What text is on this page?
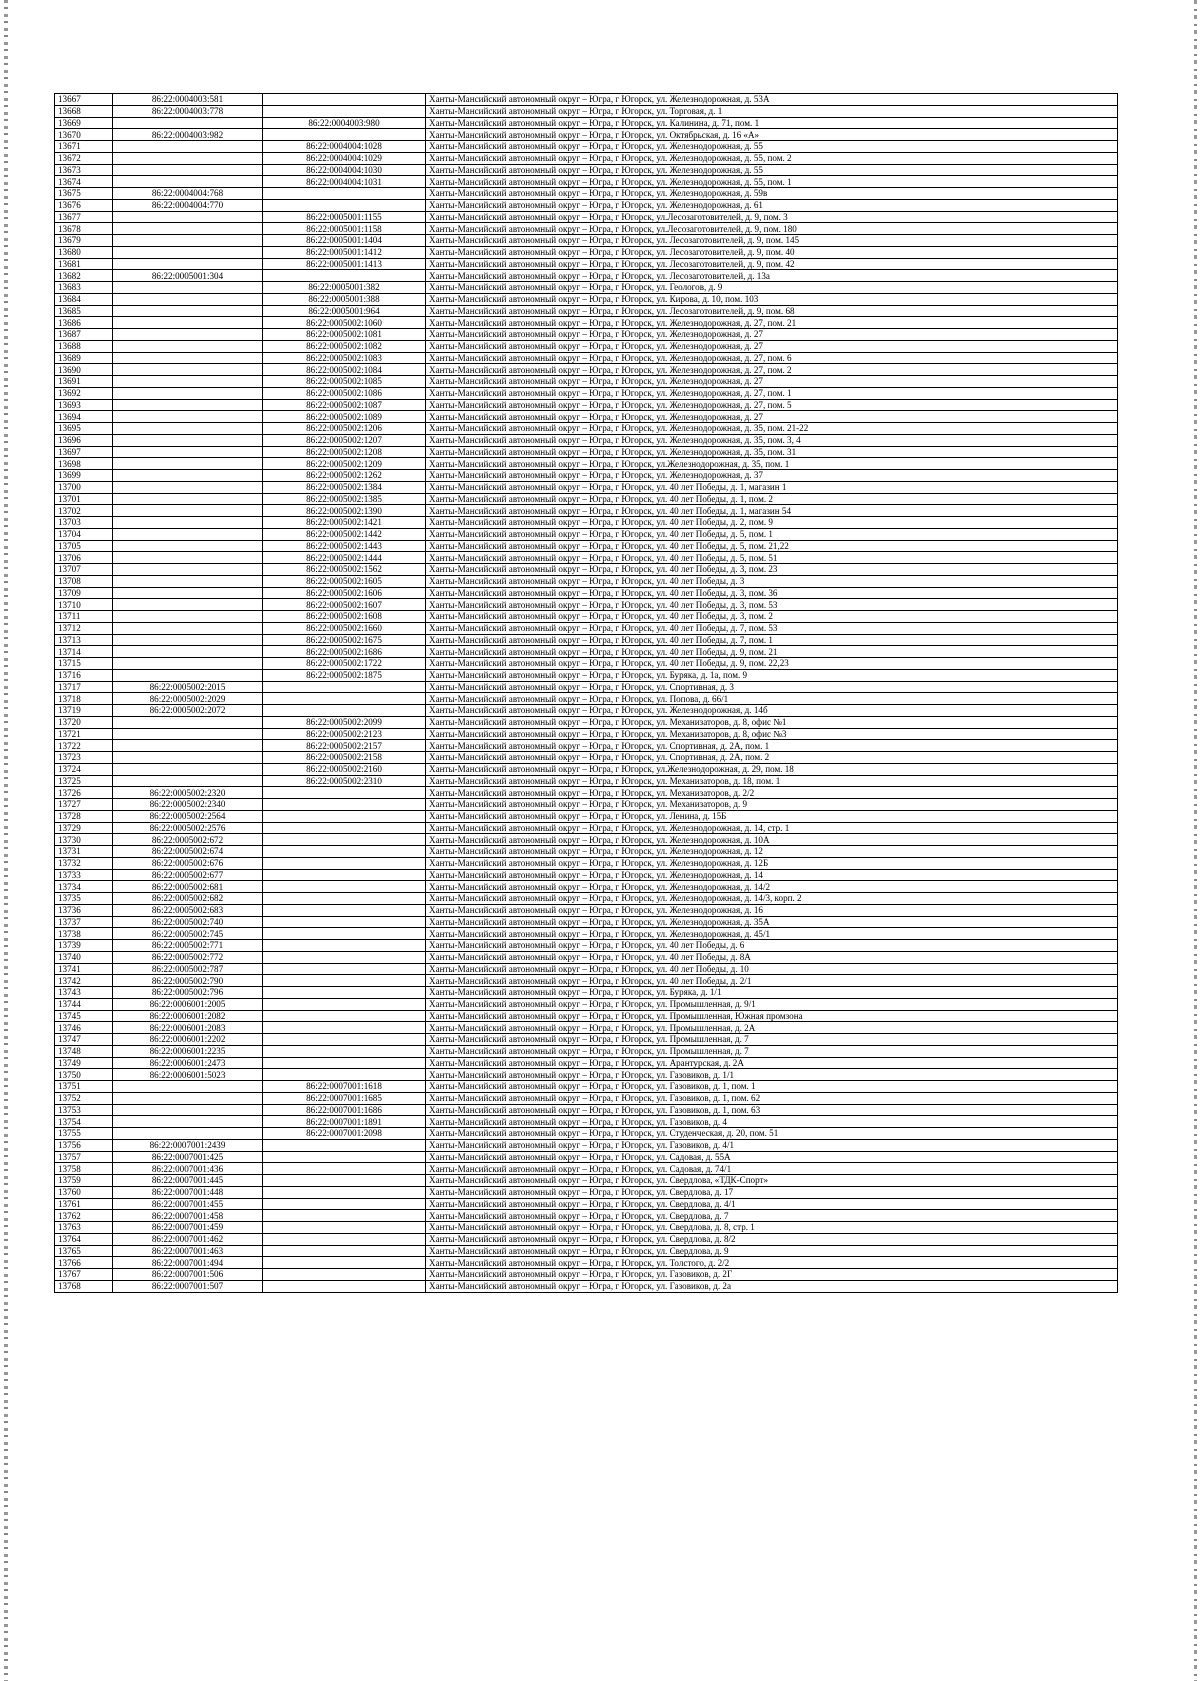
13667	86:22:0004003:581		Ханты-Мансийский автономный округ – Югра, г Югорск, ул. Железнодорожная, д. 53А
13668	86:22:0004003:778		Ханты-Мансийский автономный округ – Югра, г Югорск, ул. Торговая, д. 1
13669		86:22:0004003:980	Ханты-Мансийский автономный округ – Югра, г Югорск, ул. Калинина, д. 71, пом. 1
13670	86:22:0004003:982		Ханты-Мансийский автономный округ – Югра, г Югорск, ул. Октябрьская, д. 16 «А»
13671		86:22:0004004:1028	Ханты-Мансийский автономный округ – Югра, г Югорск, ул. Железнодорожная, д. 55
13672		86:22:0004004:1029	Ханты-Мансийский автономный округ – Югра, г Югорск, ул. Железнодорожная, д. 55, пом. 2
13673		86:22:0004004:1030	Ханты-Мансийский автономный округ – Югра, г Югорск, ул. Железнодорожная, д. 55
13674		86:22:0004004:1031	Ханты-Мансийский автономный округ – Югра, г Югорск, ул. Железнодорожная, д. 55, пом. 1
13675	86:22:0004004:768		Ханты-Мансийский автономный округ – Югра, г Югорск, ул. Железнодорожная, д. 59в
13676	86:22:0004004:770		Ханты-Мансийский автономный округ – Югра, г Югорск, ул. Железнодорожная, д. 61
13677		86:22:0005001:1155	Ханты-Мансийский автономный округ – Югра, г Югорск, ул.Лесозаготовителей, д. 9, пом. 3
13678		86:22:0005001:1158	Ханты-Мансийский автономный округ – Югра, г Югорск, ул.Лесозаготовителей, д. 9, пом. 180
13679		86:22:0005001:1404	Ханты-Мансийский автономный округ – Югра, г Югорск, ул. Лесозаготовителей, д. 9, пом. 145
13680		86:22:0005001:1412	Ханты-Мансийский автономный округ – Югра, г Югорск, ул. Лесозаготовителей, д. 9, пом. 40
13681		86:22:0005001:1413	Ханты-Мансийский автономный округ – Югра, г Югорск, ул. Лесозаготовителей, д. 9, пом. 42
13682	86:22:0005001:304		Ханты-Мансийский автономный округ – Югра, г Югорск, ул. Лесозаготовителей, д. 13а
13683		86:22:0005001:382	Ханты-Мансийский автономный округ – Югра, г Югорск, ул. Геологов, д. 9
13684		86:22:0005001:388	Ханты-Мансийский автономный округ – Югра, г Югорск, ул. Кирова, д. 10, пом. 103
13685		86:22:0005001:964	Ханты-Мансийский автономный округ – Югра, г Югорск, ул. Лесозаготовителей, д. 9, пом. 68
13686		86:22:0005002:1060	Ханты-Мансийский автономный округ – Югра, г Югорск, ул. Железнодорожная, д. 27, пом. 21
13687		86:22:0005002:1081	Ханты-Мансийский автономный округ – Югра, г Югорск, ул. Железнодорожная, д. 27
13688		86:22:0005002:1082	Ханты-Мансийский автономный округ – Югра, г Югорск, ул. Железнодорожная, д. 27
13689		86:22:0005002:1083	Ханты-Мансийский автономный округ – Югра, г Югорск, ул. Железнодорожная, д. 27, пом. 6
13690		86:22:0005002:1084	Ханты-Мансийский автономный округ – Югра, г Югорск, ул. Железнодорожная, д. 27, пом. 2
13691		86:22:0005002:1085	Ханты-Мансийский автономный округ – Югра, г Югорск, ул. Железнодорожная, д. 27
13692		86:22:0005002:1086	Ханты-Мансийский автономный округ – Югра, г Югорск, ул. Железнодорожная, д. 27, пом. 1
13693		86:22:0005002:1087	Ханты-Мансийский автономный округ – Югра, г Югорск, ул. Железнодорожная, д. 27, пом. 5
13694		86:22:0005002:1089	Ханты-Мансийский автономный округ – Югра, г Югорск, ул. Железнодорожная, д. 27
13695		86:22:0005002:1206	Ханты-Мансийский автономный округ – Югра, г Югорск, ул. Железнодорожная, д. 35, пом. 21-22
13696		86:22:0005002:1207	Ханты-Мансийский автономный округ – Югра, г Югорск, ул. Железнодорожная, д. 35, пом. 3, 4
13697		86:22:0005002:1208	Ханты-Мансийский автономный округ – Югра, г Югорск, ул. Железнодорожная, д. 35, пом. 31
13698		86:22:0005002:1209	Ханты-Мансийский автономный округ – Югра, г Югорск, ул.Железнодорожная, д. 35, пом. 1
13699		86:22:0005002:1262	Ханты-Мансийский автономный округ – Югра, г Югорск, ул. Железнодорожная, д. 37
13700		86:22:0005002:1384	Ханты-Мансийский автономный округ – Югра, г Югорск, ул. 40 лет Победы, д. 1, магазин 1
13701		86:22:0005002:1385	Ханты-Мансийский автономный округ – Югра, г Югорск, ул. 40 лет Победы, д. 1, пом. 2
13702		86:22:0005002:1390	Ханты-Мансийский автономный округ – Югра, г Югорск, ул. 40 лет Победы, д. 1, магазин 54
13703		86:22:0005002:1421	Ханты-Мансийский автономный округ – Югра, г Югорск, ул. 40 лет Победы, д. 2, пом. 9
13704		86:22:0005002:1442	Ханты-Мансийский автономный округ – Югра, г Югорск, ул. 40 лет Победы, д. 5, пом. 1
13705		86:22:0005002:1443	Ханты-Мансийский автономный округ – Югра, г Югорск, ул. 40 лет Победы, д. 5, пом. 21,22
13706		86:22:0005002:1444	Ханты-Мансийский автономный округ – Югра, г Югорск, ул. 40 лет Победы, д. 5, пом. 51
13707		86:22:0005002:1562	Ханты-Мансийский автономный округ – Югра, г Югорск, ул. 40 лет Победы, д. 3, пом. 23
13708		86:22:0005002:1605	Ханты-Мансийский автономный округ – Югра, г Югорск, ул. 40 лет Победы, д. 3
13709		86:22:0005002:1606	Ханты-Мансийский автономный округ – Югра, г Югорск, ул. 40 лет Победы, д. 3, пом. 36
13710		86:22:0005002:1607	Ханты-Мансийский автономный округ – Югра, г Югорск, ул. 40 лет Победы, д. 3, пом. 53
13711		86:22:0005002:1608	Ханты-Мансийский автономный округ – Югра, г Югорск, ул. 40 лет Победы, д. 3, пом. 2
13712		86:22:0005002:1660	Ханты-Мансийский автономный округ – Югра, г Югорск, ул. 40 лет Победы, д. 7, пом. 53
13713		86:22:0005002:1675	Ханты-Мансийский автономный округ – Югра, г Югорск, ул. 40 лет Победы, д. 7, пом. 1
13714		86:22:0005002:1686	Ханты-Мансийский автономный округ – Югра, г Югорск, ул. 40 лет Победы, д. 9, пом. 21
13715		86:22:0005002:1722	Ханты-Мансийский автономный округ – Югра, г Югорск, ул. 40 лет Победы, д. 9, пом. 22,23
13716		86:22:0005002:1875	Ханты-Мансийский автономный округ – Югра, г Югорск, ул. Буряка, д. 1а, пом. 9
13717	86:22:0005002:2015		Ханты-Мансийский автономный округ – Югра, г Югорск, ул. Спортивная, д. 3
13718	86:22:0005002:2029		Ханты-Мансийский автономный округ – Югра, г Югорск, ул. Попова, д. 66/1
13719	86:22:0005002:2072		Ханты-Мансийский автономный округ – Югра, г Югорск, ул. Железнодорожная, д. 14б
13720		86:22:0005002:2099	Ханты-Мансийский автономный округ – Югра, г Югорск, ул. Механизаторов, д. 8, офис №1
13721		86:22:0005002:2123	Ханты-Мансийский автономный округ – Югра, г Югорск, ул. Механизаторов, д. 8, офис №3
13722		86:22:0005002:2157	Ханты-Мансийский автономный округ – Югра, г Югорск, ул. Спортивная, д. 2А, пом. 1
13723		86:22:0005002:2158	Ханты-Мансийский автономный округ – Югра, г Югорск, ул. Спортивная, д. 2А, пом. 2
13724		86:22:0005002:2160	Ханты-Мансийский автономный округ – Югра, г Югорск, ул.Железнодорожная, д. 29, пом. 18
13725		86:22:0005002:2310	Ханты-Мансийский автономный округ – Югра, г Югорск, ул. Механизаторов, д. 18, пом. 1
13726	86:22:0005002:2320		Ханты-Мансийский автономный округ – Югра, г Югорск, ул. Механизаторов, д. 2/2
13727	86:22:0005002:2340		Ханты-Мансийский автономный округ – Югра, г Югорск, ул. Механизаторов, д. 9
13728	86:22:0005002:2564		Ханты-Мансийский автономный округ – Югра, г Югорск, ул. Ленина, д. 15Б
13729	86:22:0005002:2576		Ханты-Мансийский автономный округ – Югра, г Югорск, ул. Железнодорожная, д. 14, стр. 1
13730	86:22:0005002:672		Ханты-Мансийский автономный округ – Югра, г Югорск, ул. Железнодорожная, д. 10А
13731	86:22:0005002:674		Ханты-Мансийский автономный округ – Югра, г Югорск, ул. Железнодорожная, д. 12
13732	86:22:0005002:676		Ханты-Мансийский автономный округ – Югра, г Югорск, ул. Железнодорожная, д. 12Б
13733	86:22:0005002:677		Ханты-Мансийский автономный округ – Югра, г Югорск, ул. Железнодорожная, д. 14
13734	86:22:0005002:681		Ханты-Мансийский автономный округ – Югра, г Югорск, ул. Железнодорожная, д. 14/2
13735	86:22:0005002:682		Ханты-Мансийский автономный округ – Югра, г Югорск, ул. Железнодорожная, д. 14/3, корп. 2
13736	86:22:0005002:683		Ханты-Мансийский автономный округ – Югра, г Югорск, ул. Железнодорожная, д. 16
13737	86:22:0005002:740		Ханты-Мансийский автономный округ – Югра, г Югорск, ул. Железнодорожная, д. 35А
13738	86:22:0005002:745		Ханты-Мансийский автономный округ – Югра, г Югорск, ул. Железнодорожная, д. 45/1
13739	86:22:0005002:771		Ханты-Мансийский автономный округ – Югра, г Югорск, ул. 40 лет Победы, д. 6
13740	86:22:0005002:772		Ханты-Мансийский автономный округ – Югра, г Югорск, ул. 40 лет Победы, д. 8А
13741	86:22:0005002:787		Ханты-Мансийский автономный округ – Югра, г Югорск, ул. 40 лет Победы, д. 10
13742	86:22:0005002:790		Ханты-Мансийский автономный округ – Югра, г Югорск, ул. 40 лет Победы, д. 2/1
13743	86:22:0005002:796		Ханты-Мансийский автономный округ – Югра, г Югорск, ул. Буряка, д. 1/1
13744	86:22:0006001:2005		Ханты-Мансийский автономный округ – Югра, г Югорск, ул. Промышленная, д. 9/1
13745	86:22:0006001:2082		Ханты-Мансийский автономный округ – Югра, г Югорск, ул. Промышленная, Южная промзона
13746	86:22:0006001:2083		Ханты-Мансийский автономный округ – Югра, г Югорск, ул. Промышленная, д. 2А
13747	86:22:0006001:2202		Ханты-Мансийский автономный округ – Югра, г Югорск, ул. Промышленная, д. 7
13748	86:22:0006001:2235		Ханты-Мансийский автономный округ – Югра, г Югорск, ул. Промышленная, д. 7
13749	86:22:0006001:2473		Ханты-Мансийский автономный округ – Югра, г Югорск, ул. Арантурская, д. 2А
13750	86:22:0006001:5023		Ханты-Мансийский автономный округ – Югра, г Югорск, ул. Газовиков, д. 1/1
13751		86:22:0007001:1618	Ханты-Мансийский автономный округ – Югра, г Югорск, ул. Газовиков, д. 1, пом. 1
13752		86:22:0007001:1685	Ханты-Мансийский автономный округ – Югра, г Югорск, ул. Газовиков, д. 1, пом. 62
13753		86:22:0007001:1686	Ханты-Мансийский автономный округ – Югра, г Югорск, ул. Газовиков, д. 1, пом. 63
13754		86:22:0007001:1891	Ханты-Мансийский автономный округ – Югра, г Югорск, ул. Газовиков, д. 4
13755		86:22:0007001:2098	Ханты-Мансийский автономный округ – Югра, г Югорск, ул. Студенческая, д. 20, пом. 51
13756	86:22:0007001:2439		Ханты-Мансийский автономный округ – Югра, г Югорск, ул. Газовиков, д. 4/1
13757	86:22:0007001:425		Ханты-Мансийский автономный округ – Югра, г Югорск, ул. Садовая, д. 55А
13758	86:22:0007001:436		Ханты-Мансийский автономный округ – Югра, г Югорск, ул. Садовая, д. 74/1
13759	86:22:0007001:445		Ханты-Мансийский автономный округ – Югра, г Югорск, ул. Свердлова, «ТДК-Спорт»
13760	86:22:0007001:448		Ханты-Мансийский автономный округ – Югра, г Югорск, ул. Свердлова, д. 17
13761	86:22:0007001:455		Ханты-Мансийский автономный округ – Югра, г Югорск, ул. Свердлова, д. 4/1
13762	86:22:0007001:458		Ханты-Мансийский автономный округ – Югра, г Югорск, ул. Свердлова, д. 7
13763	86:22:0007001:459		Ханты-Мансийский автономный округ – Югра, г Югорск, ул. Свердлова, д. 8, стр. 1
13764	86:22:0007001:462		Ханты-Мансийский автономный округ – Югра, г Югорск, ул. Свердлова, д. 8/2
13765	86:22:0007001:463		Ханты-Мансийский автономный округ – Югра, г Югорск, ул. Свердлова, д. 9
13766	86:22:0007001:494		Ханты-Мансийский автономный округ – Югра, г Югорск, ул. Толстого, д. 2/2
13767	86:22:0007001:506		Ханты-Мансийский автономный округ – Югра, г Югорск, ул. Газовиков, д. 2Г
13768	86:22:0007001:507		Ханты-Мансийский автономный округ – Югра, г Югорск, ул. Газовиков, д. 2а
